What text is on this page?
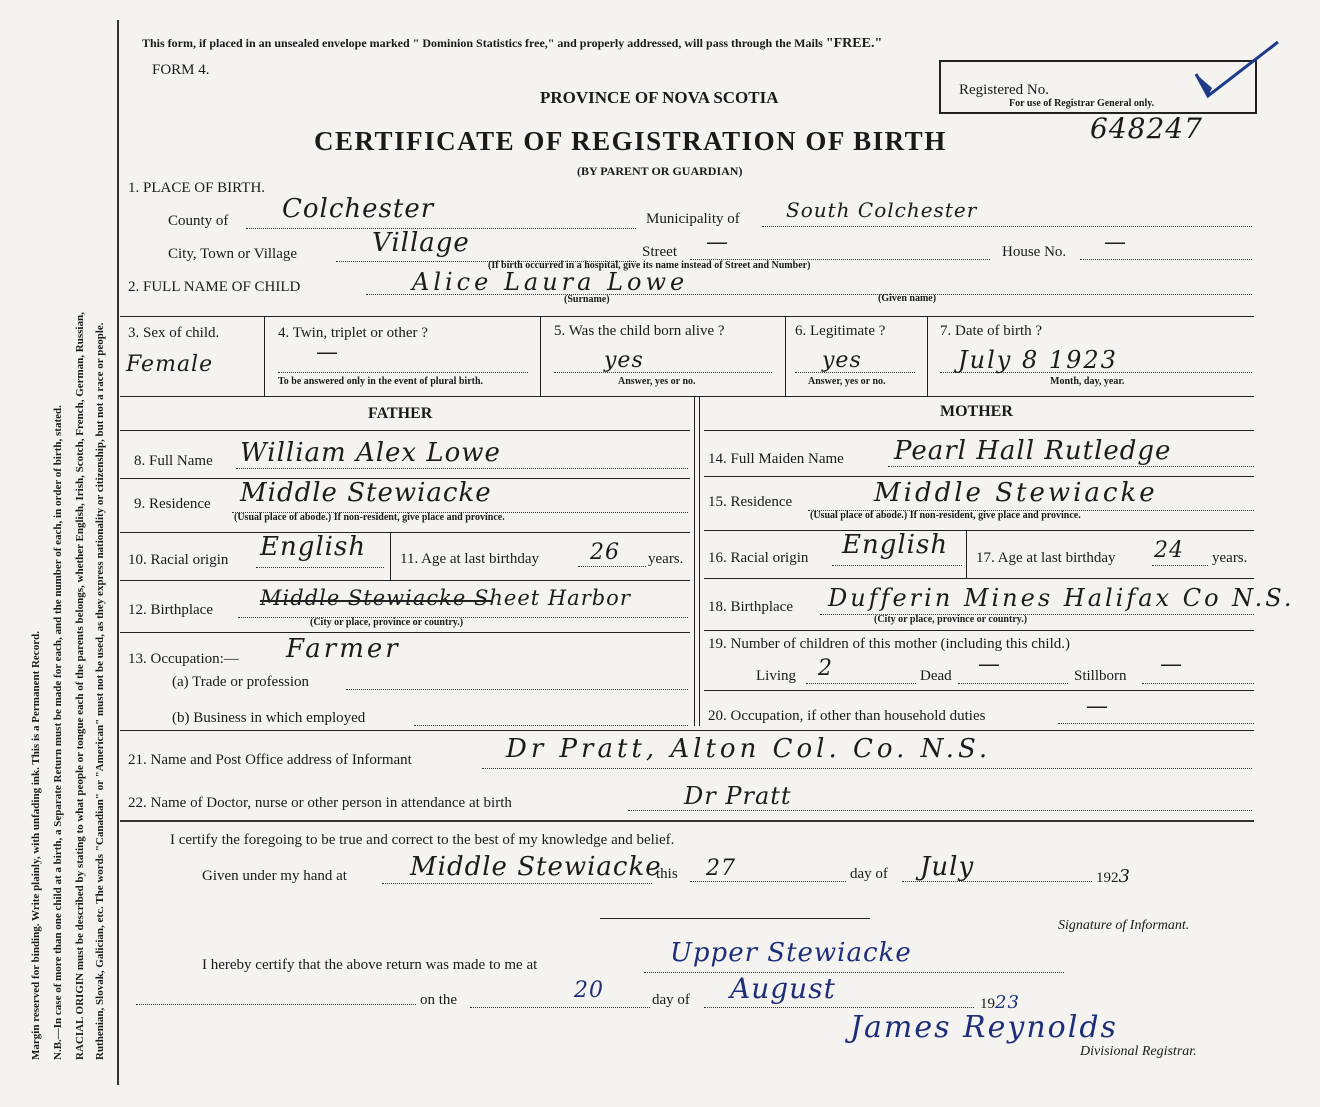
Margin reserved for binding. Write plainly, with unfading ink. This is a Permanent Record. N.B.—In case of more than one child at a birth, a Separate Return must be made for each, and the number of each, in order of birth, stated. RACIAL ORIGIN must be described by stating to what people or tongue each of the parents belongs, whether English, Irish, Scotch, French, German, Russian, Ruthenian, Slovak, Galician, etc. The words "Canadian" or "American" must not be used, as they express nationality or citizenship, but not a race or people.
This form, if placed in an unsealed envelope marked " Dominion Statistics free," and properly addressed, will pass through the Mails "FREE."
FORM 4.
PROVINCE OF NOVA SCOTIA
CERTIFICATE OF REGISTRATION OF BIRTH
(BY PARENT OR GUARDIAN)
Registered No.
For use of Registrar General only.
648247
1. PLACE OF BIRTH.
County of Colchester	Municipality of South Colchester
City, Town or Village	Village	Street —
(If birth occurred in a hospital, give its name instead of Street and Number)
House No. —
2. FULL NAME OF CHILD	Alice Laura Lowe
(Surname)	(Given name)
3. Sex of child.
Female
4. Twin, triplet or other ?
—
To be answered only in the event of plural birth.
5. Was the child born alive ?
yes
Answer, yes or no.
6. Legitimate ?
yes
Answer, yes or no.
7. Date of birth ?
July 8 1923
Month, day, year.
FATHER	MOTHER
8. Full Name William Alex Lowe
9. Residence Middle Stewiacke
(Usual place of abode.) If non-resident, give place and province.
10. Racial origin English 11. Age at last birthday 26 years.
12. Birthplace Middle Stewiacke Sheet Harbor
(City or place, province or country.)
13. Occupation:— Farmer
(a) Trade or profession
(b) Business in which employed
14. Full Maiden Name Pearl Hall Rutledge
15. Residence	Middle Stewiacke
(Usual place of abode.) If non-resident, give place and province.
16. Racial origin English 17. Age at last birthday 24 years.
18. Birthplace Dufferin Mines Halifax Co N.S.
(City or place, province or country.)
19. Number of children of this mother (including this child.)
Living 2	Dead —	Stillborn —
20. Occupation, if other than household duties	—
21. Name and Post Office address of Informant	Dr Pratt, Alton Col. Co. N.S.
22. Name of Doctor, nurse or other person in attendance at birth	Dr Pratt
I certify the foregoing to be true and correct to the best of my knowledge and belief.
Given under my hand at Middle Stewiacke
this 27	day of July	1923
Signature of Informant.
I hereby certify that the above return was made to me at	Upper Stewiacke
on the	20	day of August	1923
James Reynolds
Divisional Registrar.
